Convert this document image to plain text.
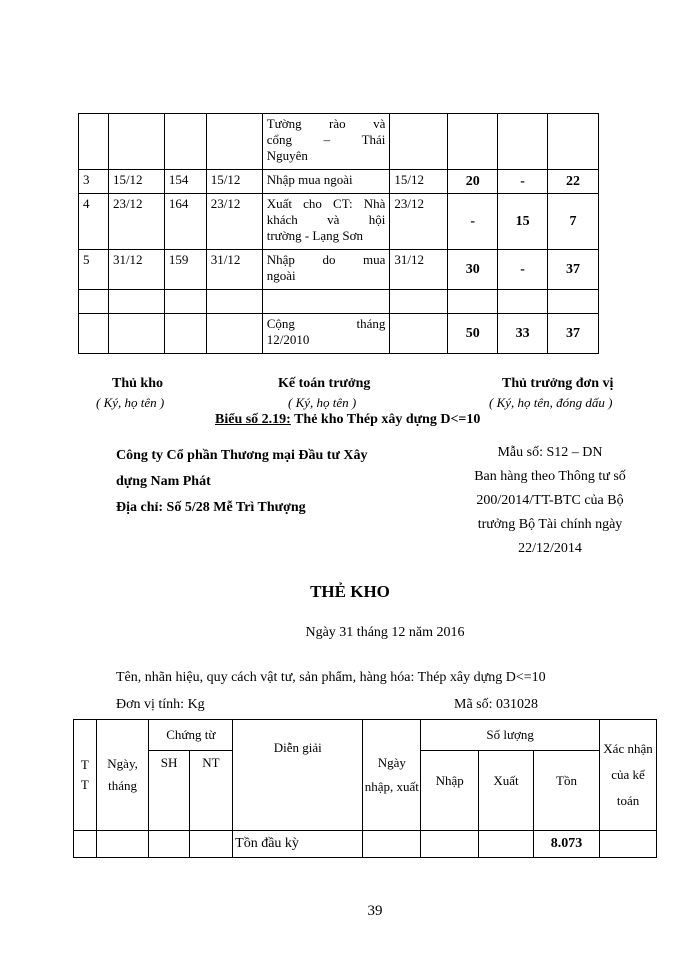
				Tường rào và
cổng – Thái
Nguyên				

3	15/12	154	15/12	Nhập mua ngoài	15/12	20	-	22
4	23/12	164	23/12	Xuất cho CT: Nhà
khách và hội
trường - Lạng Sơn	23/12	-	15	7
5	31/12	159	31/12	Nhập do mua
ngoài	31/12	30	-	37

				Cộng tháng
12/2010		50	33	37
Thủ kho
( Ký, họ tên )
Kế toán trưởng
( Ký, họ tên )
Thủ trưởng đơn vị
( Ký, họ tên, đóng dấu )
Biểu số 2.19: Thẻ kho Thép xây dựng D<=10
Công ty Cổ phần Thương mại Đầu tư Xây
dựng Nam Phát
Địa chỉ: Số 5/28 Mễ Trì Thượng
Mẫu số: S12 – DN
Ban hàng theo Thông tư số
200/2014/TT-BTC của Bộ
trưởng Bộ Tài chính ngày
22/12/2014
THẺ KHO
Ngày 31 tháng 12 năm 2016
Tên, nhãn hiệu, quy cách vật tư, sản phẩm, hàng hóa: Thép xây dựng D<=10
Đơn vị tính: Kg	Mã số: 031028
T T	Ngày, tháng	Chứng từ		Diễn giải	Ngày nhập, xuất	Số lượng			Xác nhận của kế toán
		SH	NT			Nhập	Xuất	Tồn	
				Tồn đầu kỳ				8.073	
39
